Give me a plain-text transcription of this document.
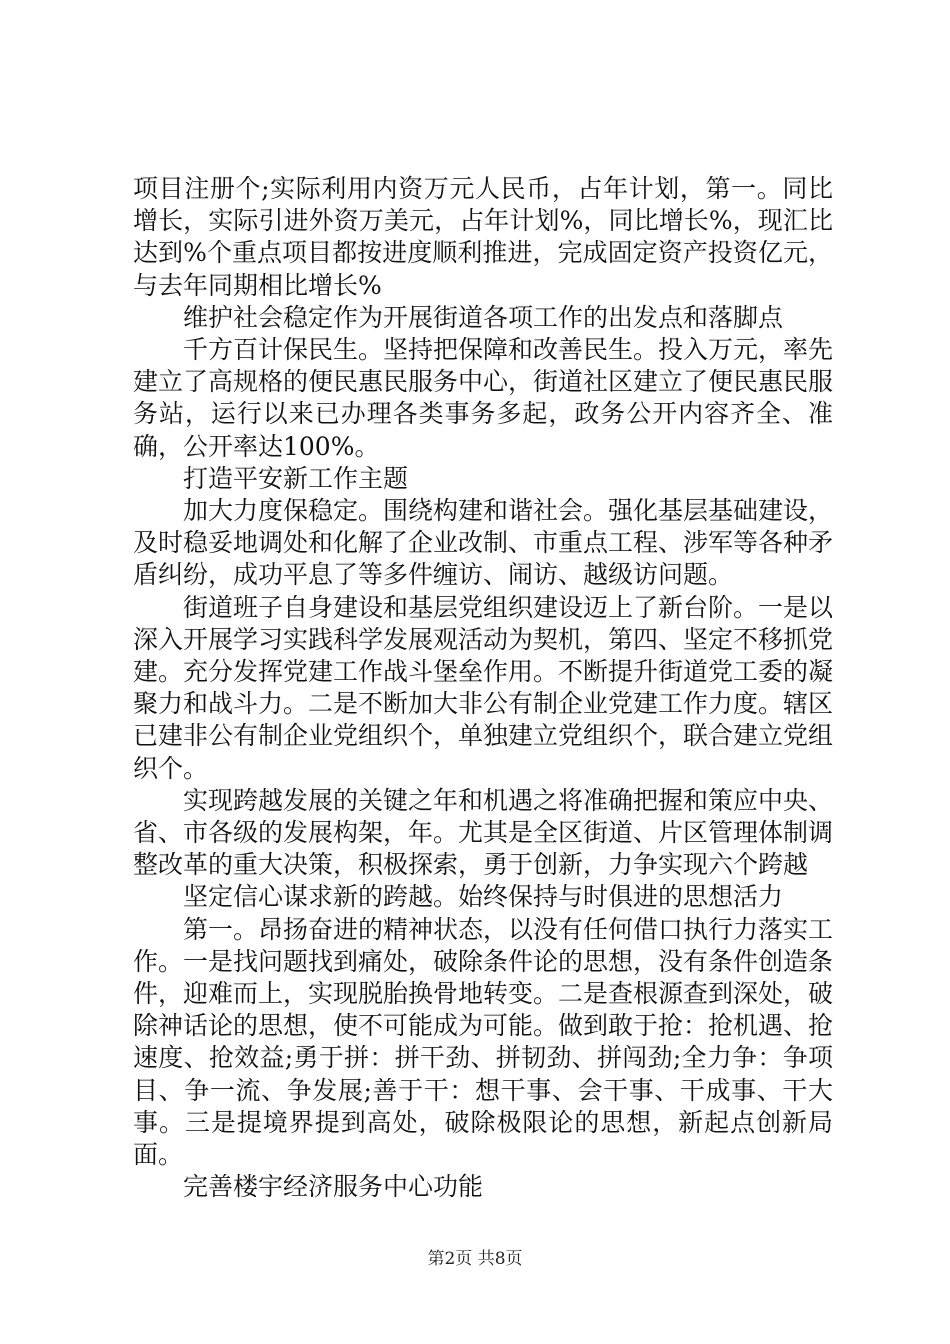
项目注册个;实际利用内资万元人民币，占年计划，第一。同比增长，实际引进外资万美元，占年计划%，同比增长%，现汇比达到%个重点项目都按进度顺利推进，完成固定资产投资亿元，与去年同期相比增长%

维护社会稳定作为开展街道各项工作的出发点和落脚点

千方百计保民生。坚持把保障和改善民生。投入万元，率先建立了高规格的便民惠民服务中心，街道社区建立了便民惠民服务站，运行以来已办理各类事务多起，政务公开内容齐全、准确，公开率达100%。

打造平安新工作主题

加大力度保稳定。围绕构建和谐社会。强化基层基础建设，及时稳妥地调处和化解了企业改制、市重点工程、涉军等各种矛盾纠纷，成功平息了等多件缠访、闹访、越级访问题。

街道班子自身建设和基层党组织建设迈上了新台阶。一是以深入开展学习实践科学发展观活动为契机，第四、坚定不移抓党建。充分发挥党建工作战斗堡垒作用。不断提升街道党工委的凝聚力和战斗力。二是不断加大非公有制企业党建工作力度。辖区已建非公有制企业党组织个，单独建立党组织个，联合建立党组织个。

实现跨越发展的关键之年和机遇之将准确把握和策应中央、省、市各级的发展构架，年。尤其是全区街道、片区管理体制调整改革的重大决策，积极探索，勇于创新，力争实现六个跨越

坚定信心谋求新的跨越。始终保持与时俱进的思想活力

第一。昂扬奋进的精神状态，以没有任何借口执行力落实工作。一是找问题找到痛处，破除条件论的思想，没有条件创造条件，迎难而上，实现脱胎换骨地转变。二是查根源查到深处，破除神话论的思想，使不可能成为可能。做到敢于抢：抢机遇、抢速度、抢效益;勇于拼：拼干劲、拼韧劲、拼闯劲;全力争：争项目、争一流、争发展;善于干：想干事、会干事、干成事、干大事。三是提境界提到高处，破除极限论的思想，新起点创新局面。

完善楼宇经济服务中心功能

第2页 共8页
